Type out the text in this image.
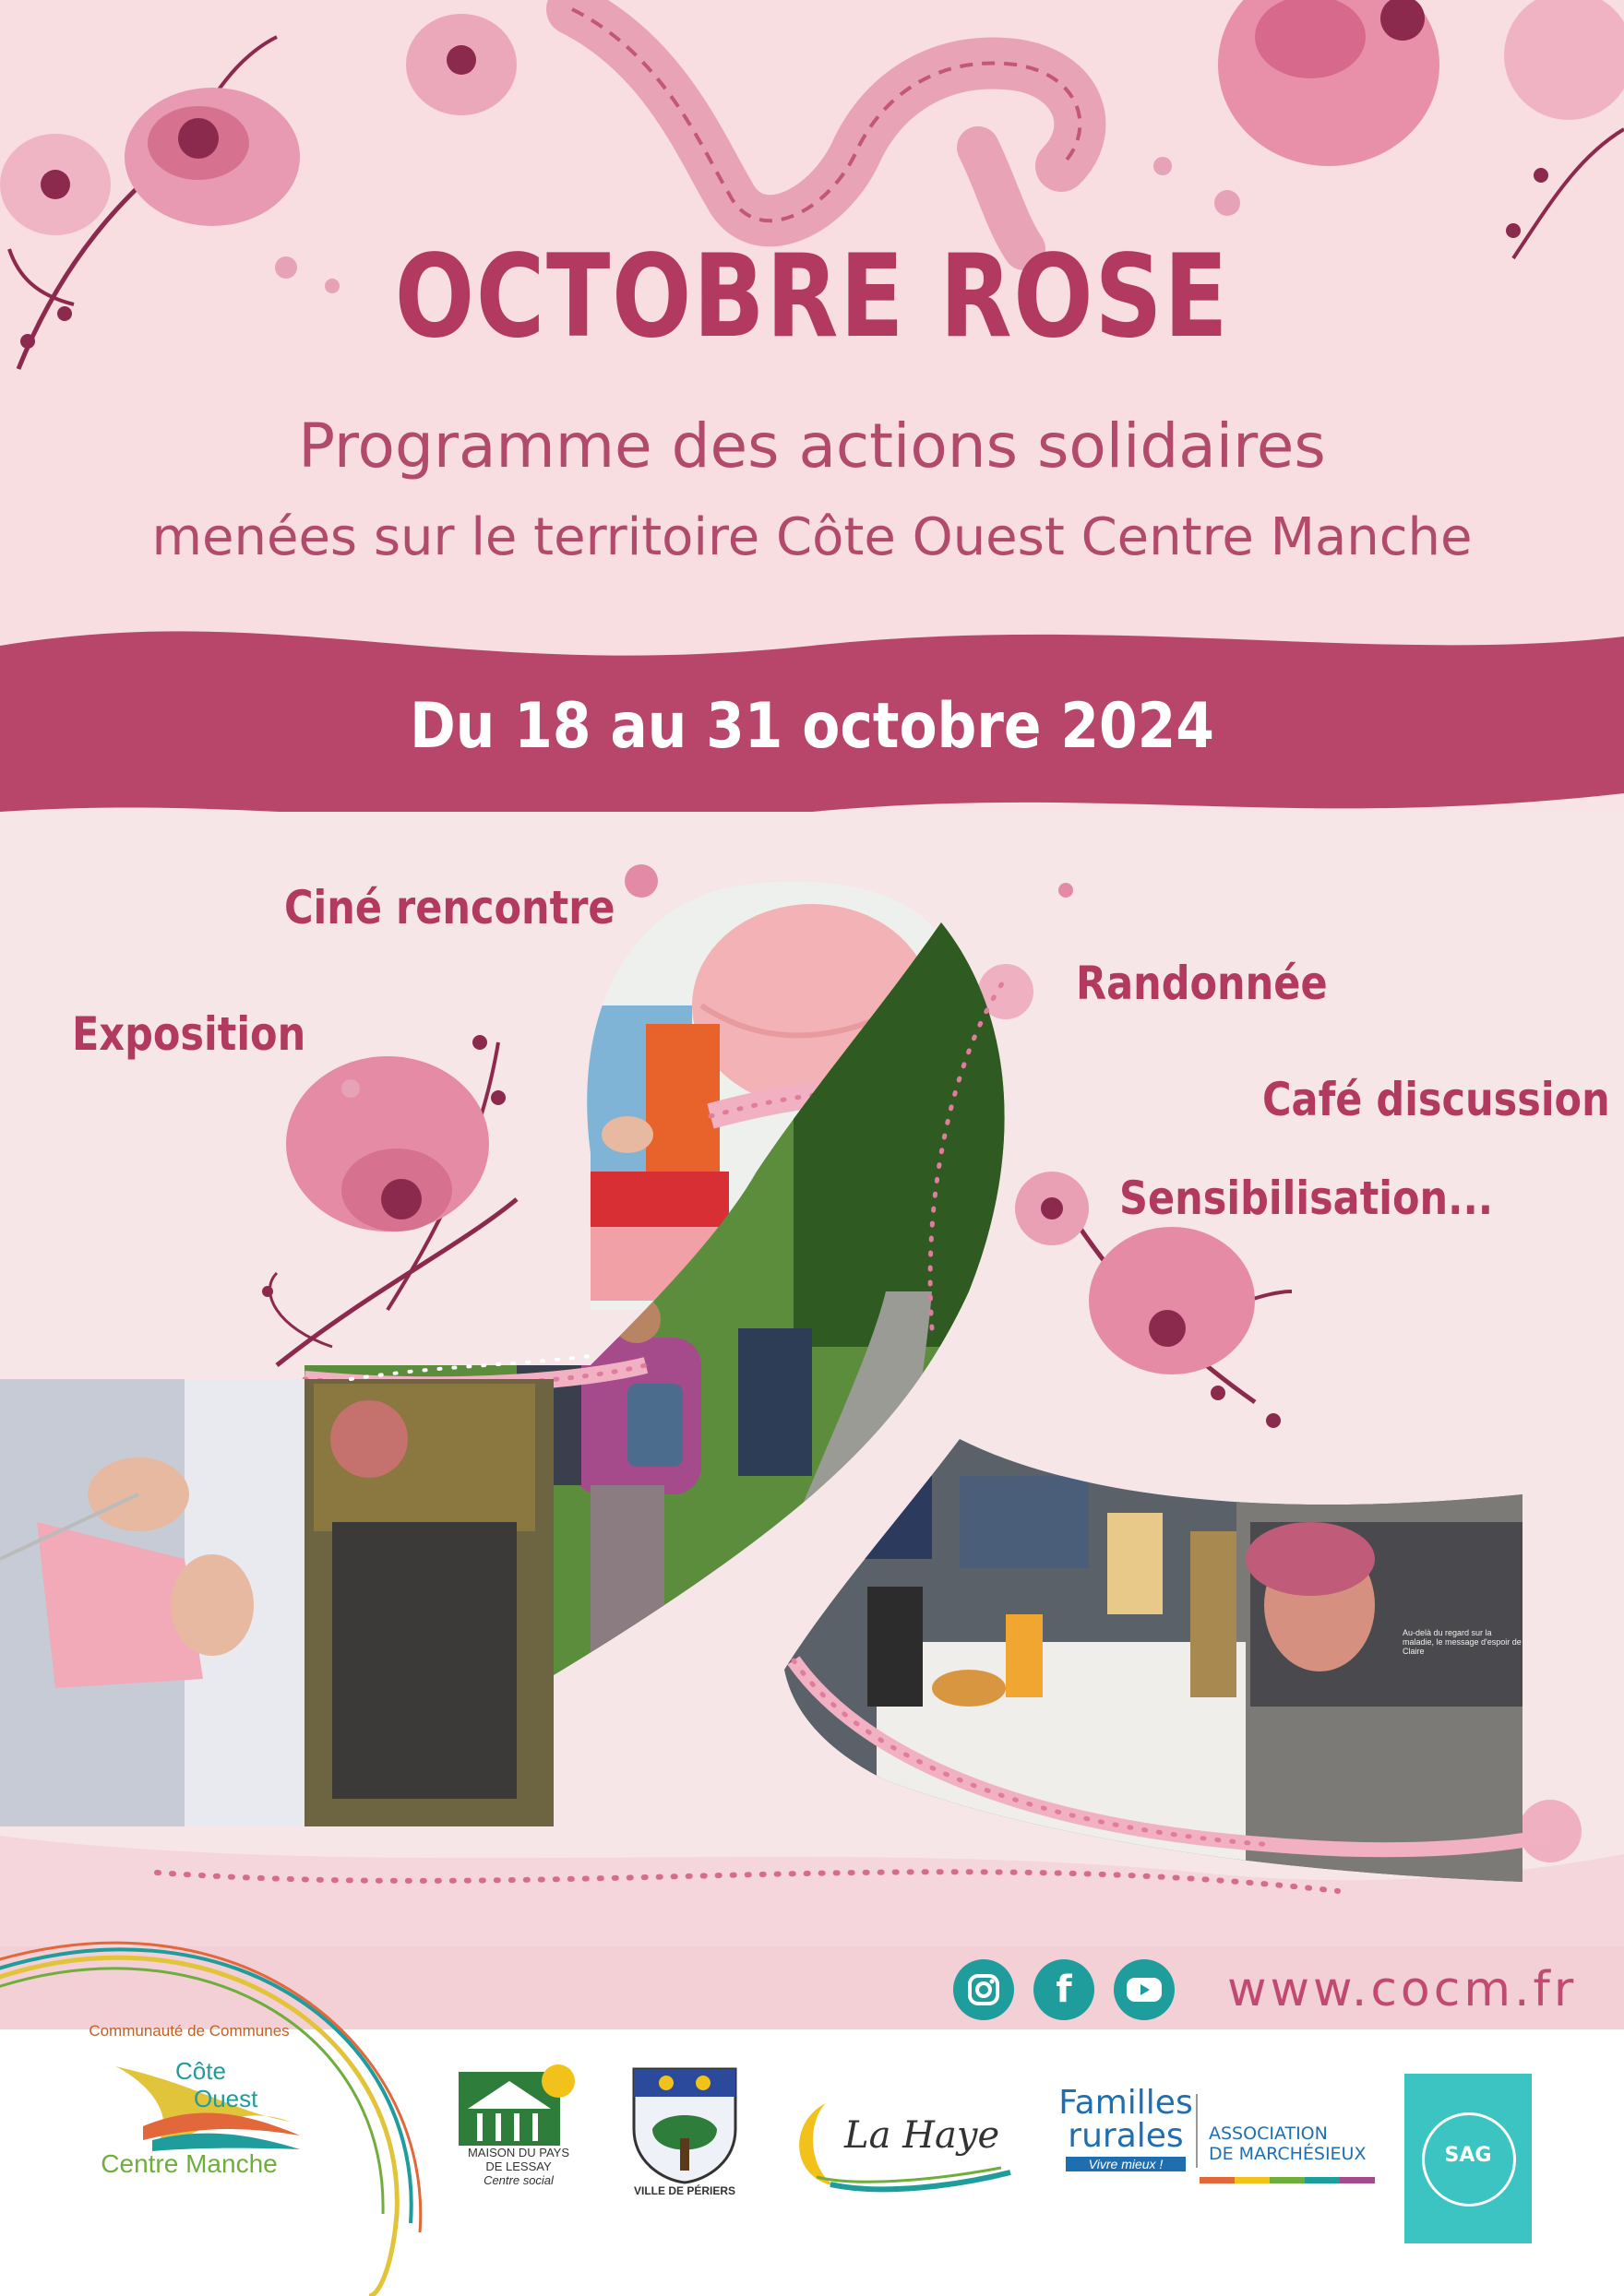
OCTOBRE ROSE
Programme des actions solidaires
menées sur le territoire Côte Ouest Centre Manche
Du 18 au 31 octobre 2024
Ciné rencontre
Exposition
Randonnée
Café discussion
Sensibilisation...
Au-delà du regard sur la maladie, le message d'espoir de Claire
f	www.cocm.fr
Communauté de Communes
Côte
Ouest
Centre Manche	MAISON DU PAYS
DE LESSAY
Centre social
VILLE DE PÉRIERS
La Haye
Familles
rurales
Vivre mieux !
ASSOCIATION
DE MARCHÉSIEUX	SAG
